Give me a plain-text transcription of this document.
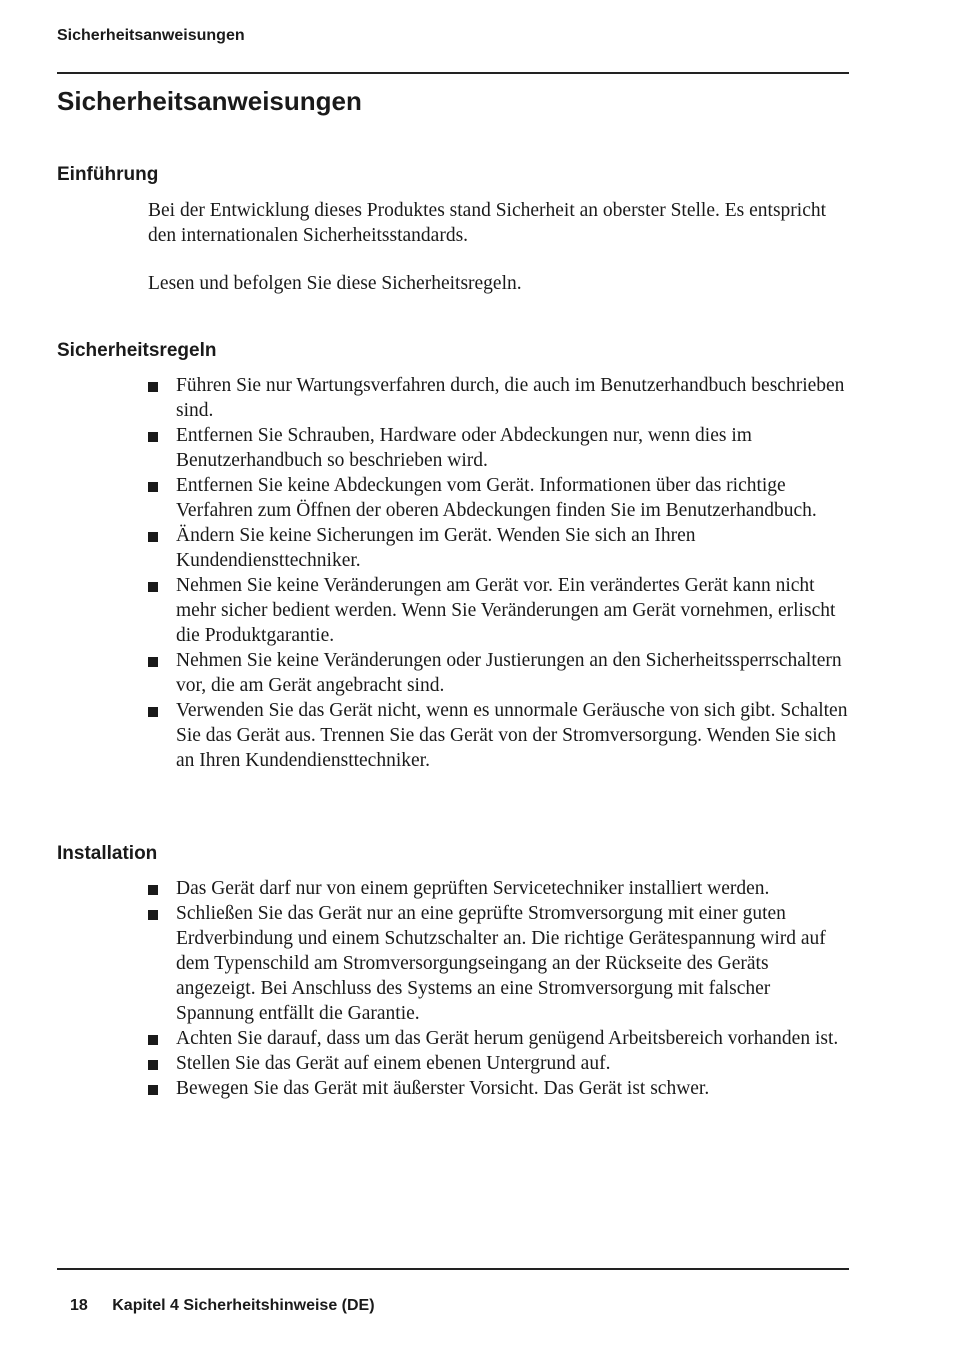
Sicherheitsanweisungen
Sicherheitsanweisungen
Einführung

Bei der Entwicklung dieses Produktes stand Sicherheit an oberster Stelle. Es entspricht den internationalen Sicherheitsstandards.

Lesen und befolgen Sie diese Sicherheitsregeln.

Sicherheitsregeln
Führen Sie nur Wartungsverfahren durch, die auch im Benutzerhandbuch beschrieben sind.
Entfernen Sie Schrauben, Hardware oder Abdeckungen nur, wenn dies im Benutzerhandbuch so beschrieben wird.
Entfernen Sie keine Abdeckungen vom Gerät. Informationen über das richtige Verfahren zum Öffnen der oberen Abdeckungen finden Sie im Benutzerhandbuch.
Ändern Sie keine Sicherungen im Gerät. Wenden Sie sich an Ihren Kundendiensttechniker.
Nehmen Sie keine Veränderungen am Gerät vor. Ein verändertes Gerät kann nicht mehr sicher bedient werden. Wenn Sie Veränderungen am Gerät vornehmen, erlischt die Produktgarantie.
Nehmen Sie keine Veränderungen oder Justierungen an den Sicherheitssperrschaltern vor, die am Gerät angebracht sind.
Verwenden Sie das Gerät nicht, wenn es unnormale Geräusche von sich gibt. Schalten Sie das Gerät aus. Trennen Sie das Gerät von der Stromversorgung. Wenden Sie sich an Ihren Kundendiensttechniker.
Installation
Das Gerät darf nur von einem geprüften Servicetechniker installiert werden.
Schließen Sie das Gerät nur an eine geprüfte Stromversorgung mit einer guten Erdverbindung und einem Schutzschalter an. Die richtige Gerätespannung wird auf dem Typenschild am Stromversorgungseingang an der Rückseite des Geräts angezeigt. Bei Anschluss des Systems an eine Stromversorgung mit falscher Spannung entfällt die Garantie.
Achten Sie darauf, dass um das Gerät herum genügend Arbeitsbereich vorhanden ist.
Stellen Sie das Gerät auf einem ebenen Untergrund auf.
Bewegen Sie das Gerät mit äußerster Vorsicht. Das Gerät ist schwer.
18 Kapitel 4 Sicherheitshinweise (DE)
